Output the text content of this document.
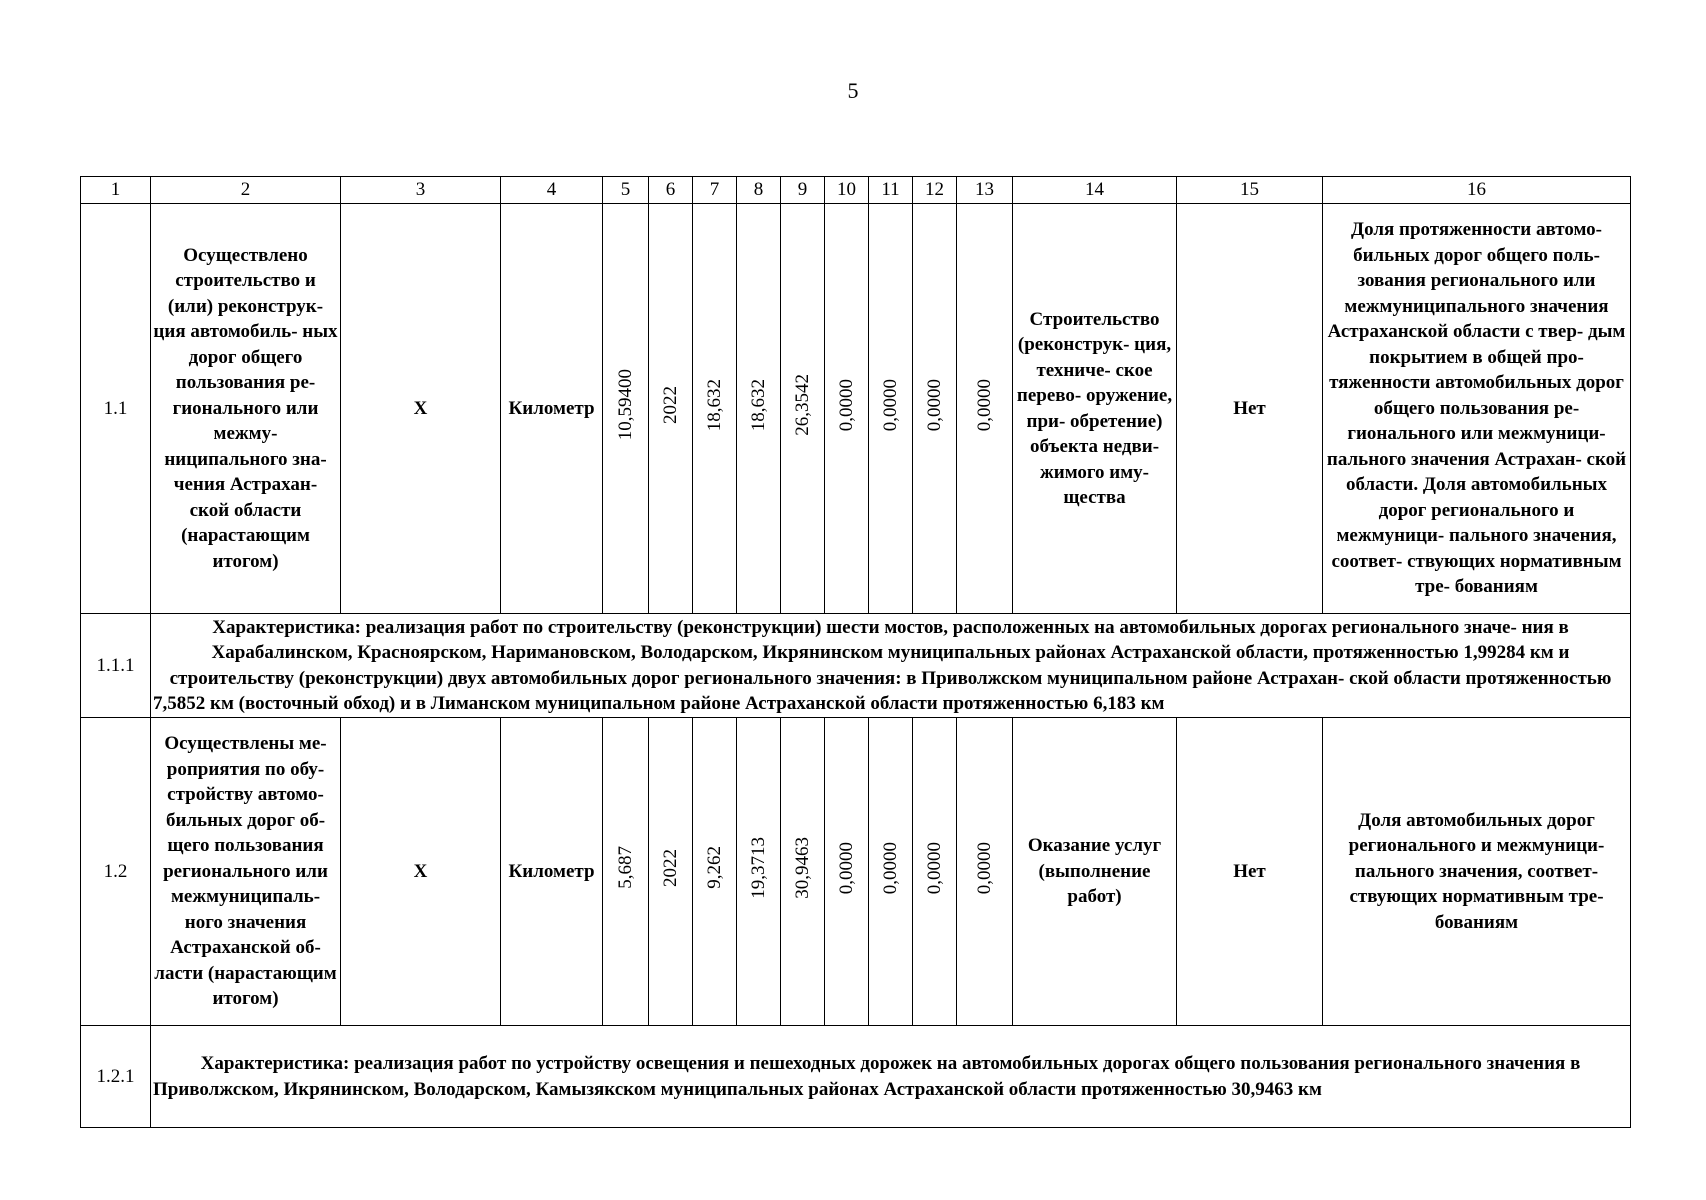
5
1	2	3	4	5	6	7	8	9	10	11	12	13	14	15	16
1.1	Осуществлено строительство и (или) реконструк- ция автомобиль- ных дорог общего пользования ре- гионального или межму- ниципального зна- чения Астрахан- ской области (нарастающим итогом)	Х	Километр	10,59400	2022	18,632	18,632	26,3542	0,0000	0,0000	0,0000	0,0000	Строительство (реконструк- ция, техниче- ское перево- оружение, при- обретение) объекта недви- жимого иму- щества	Нет	Доля протяженности автомо- бильных дорог общего поль- зования регионального или межмуниципального значения Астраханской области с твер- дым покрытием в общей про- тяженности автомобильных дорог общего пользования ре- гионального или межмуници- пального значения Астрахан- ской области. Доля автомобильных дорог регионального и межмуници- пального значения, соответ- ствующих нормативным тре- бованиям
1.1.1	Характеристика: реализация работ по строительству (реконструкции) шести мостов, расположенных на автомобильных дорогах регионального значе- ния в Харабалинском, Красноярском, Наримановском, Володарском, Икрянинском муниципальных районах Астраханской области, протяженностью 1,99284 км и строительству (реконструкции) двух автомобильных дорог регионального значения: в Приволжском муниципальном районе Астрахан- ской области протяженностью 7,5852 км (восточный обход) и в Лиманском муниципальном районе Астраханской области протяженностью 6,183 км														
1.2	Осуществлены ме- роприятия по обу- стройству автомо- бильных дорог об- щего пользования регионального или межмуниципаль- ного значения Астраханской об- ласти (нарастающим итогом)	Х	Километр	5,687	2022	9,262	19,3713	30,9463	0,0000	0,0000	0,0000	0,0000	Оказание услуг (выполнение работ)	Нет	Доля автомобильных дорог регионального и межмуници- пального значения, соответ- ствующих нормативным тре- бованиям
1.2.1	Характеристика: реализация работ по устройству освещения и пешеходных дорожек на автомобильных дорогах общего пользования регионального значения в Приволжском, Икрянинском, Володарском, Камызякском муниципальных районах Астраханской области протяженностью 30,9463 км														
